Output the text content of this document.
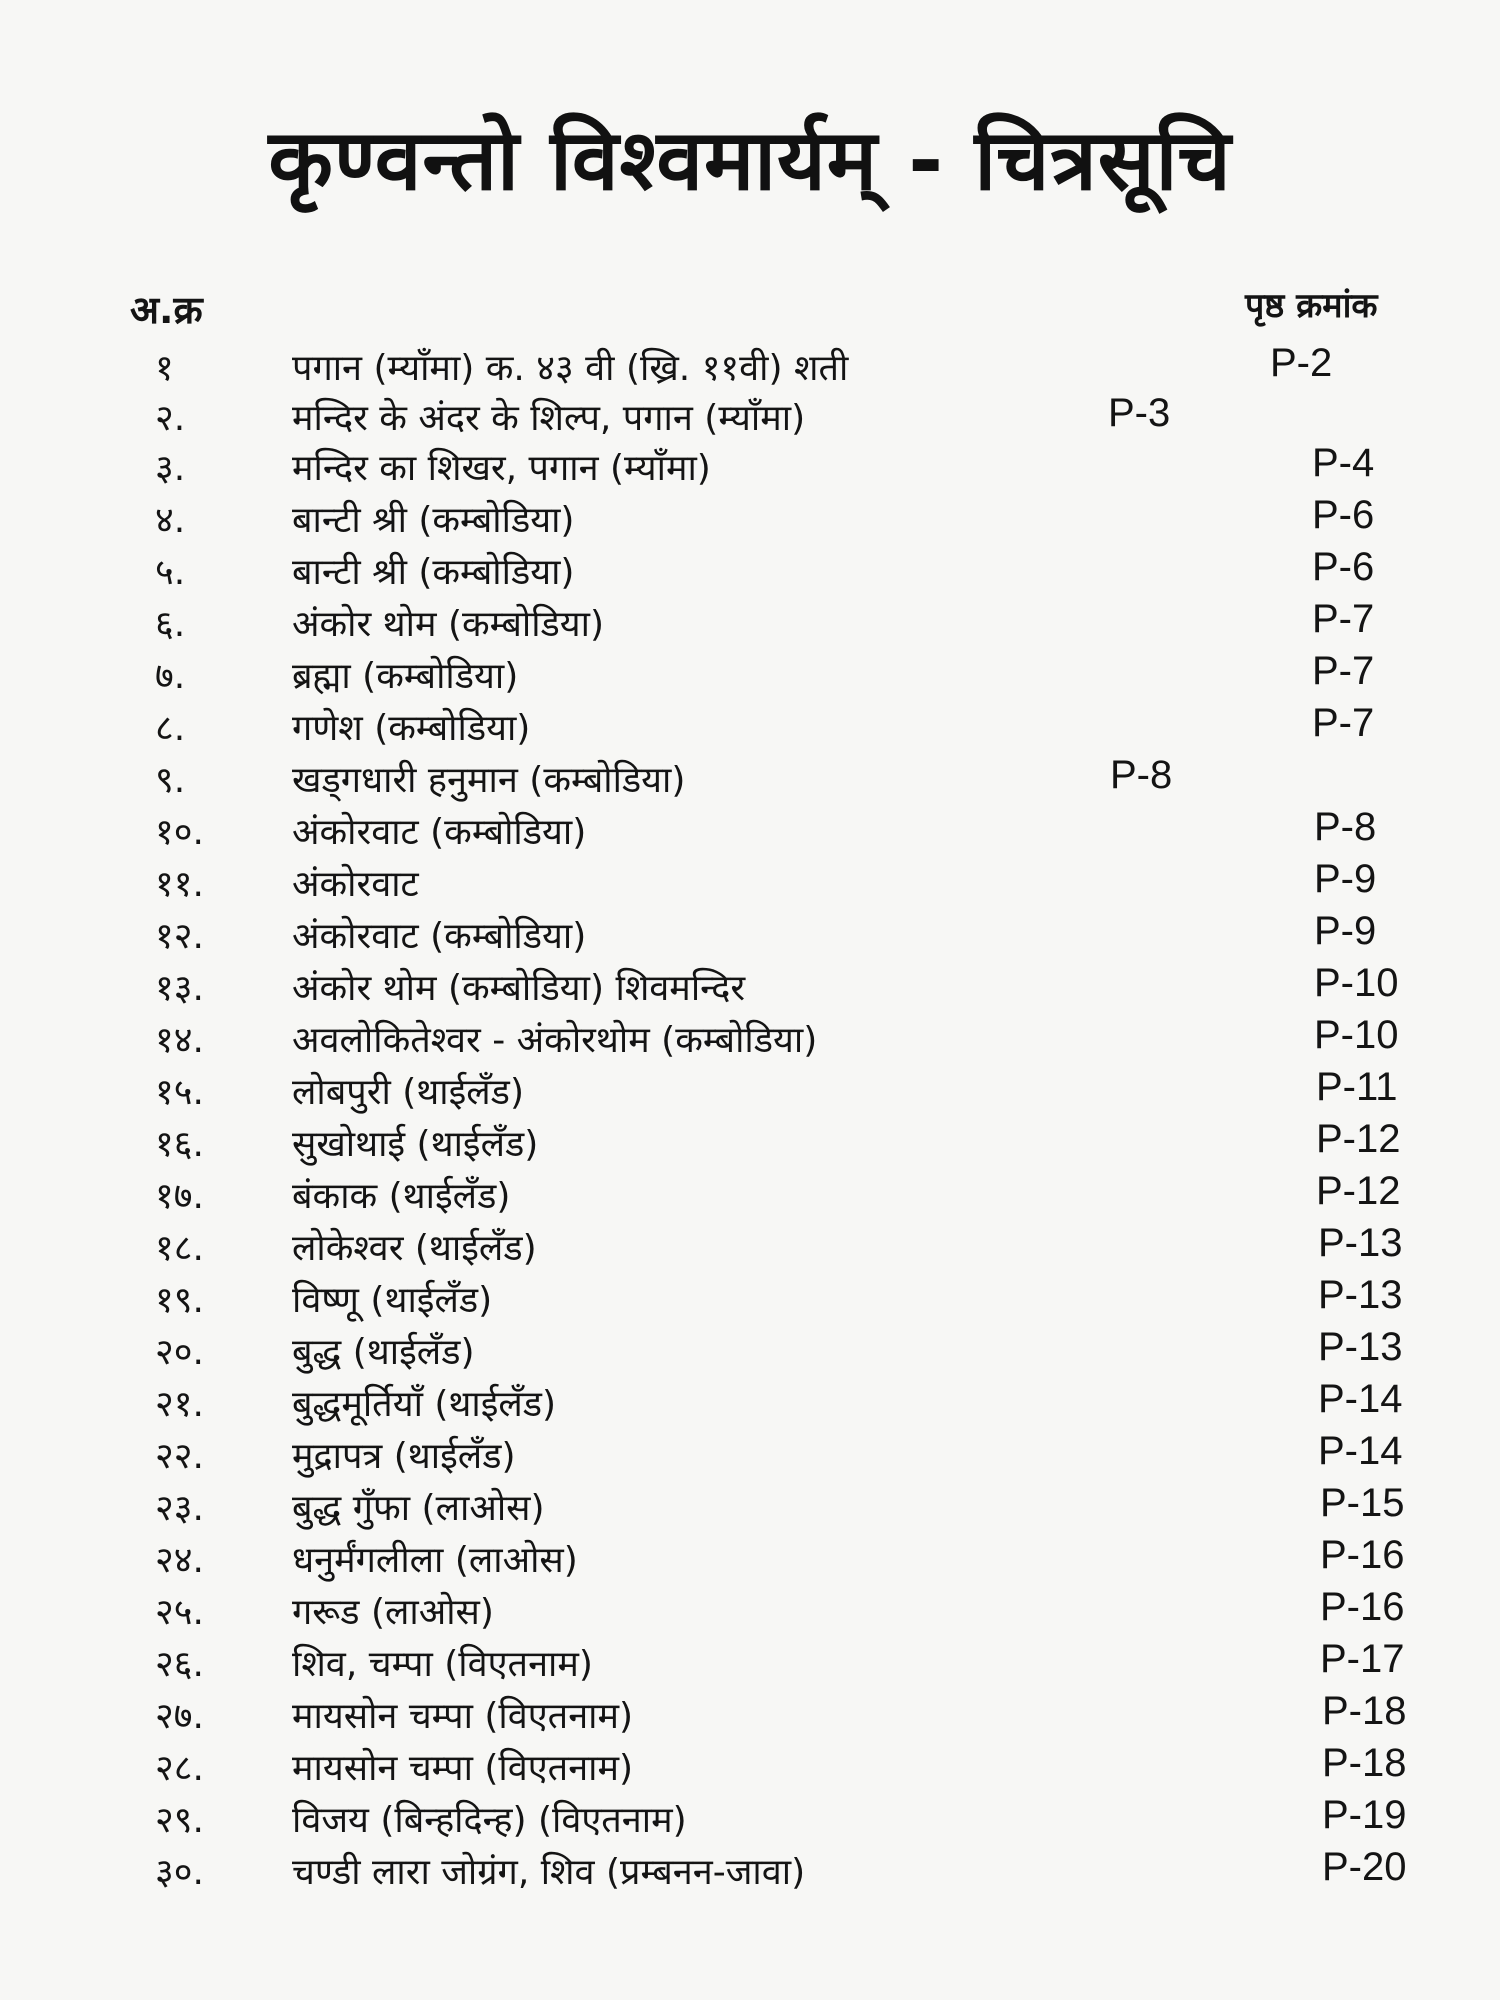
कृण्वन्तो विश्वमार्यम् - चित्रसूचि
अ.क्र	पृष्ठ क्रमांक
१	पगान (म्याँमा) क. ४३ वी (ख्रि. ११वी) शती	P-2
२.	मन्दिर के अंदर के शिल्प, पगान (म्याँमा)	P-3
३.	मन्दिर का शिखर, पगान (म्याँमा)	P-4
४.	बान्टी श्री (कम्बोडिया)	P-6
५.	बान्टी श्री (कम्बोडिया)	P-6
६.	अंकोर थोम (कम्बोडिया)	P-7
७.	ब्रह्मा (कम्बोडिया)	P-7
८.	गणेश (कम्बोडिया)	P-7
९.	खड्गधारी हनुमान (कम्बोडिया)	P-8
१०. अंकोरवाट (कम्बोडिया)	P-8
११. अंकोरवाट	P-9
१२. अंकोरवाट (कम्बोडिया)	P-9
१३. अंकोर थोम (कम्बोडिया) शिवमन्दिर	P-10
१४. अवलोकितेश्वर - अंकोरथोम (कम्बोडिया)	P-10
१५. लोबपुरी (थाईलँड)	P-11
१६. सुखोथाई (थाईलँड)	P-12
१७. बंकाक (थाईलँड)	P-12
१८. लोकेश्वर (थाईलँड)	P-13
१९. विष्णू (थाईलँड)	P-13
२०. बुद्ध (थाईलँड)	P-13
२१. बुद्धमूर्तियाँ (थाईलँड)	P-14
२२. मुद्रापत्र (थाईलँड)	P-14
२३. बुद्ध गुँफा (लाओस)	P-15
२४. धनुर्मंगलीला (लाओस)	P-16
२५. गरूड (लाओस)	P-16
२६. शिव, चम्पा (विएतनाम)	P-17
२७. मायसोन चम्पा (विएतनाम)	P-18
२८. मायसोन चम्पा (विएतनाम)	P-18
२९. विजय (बिन्हदिन्ह) (विएतनाम)	P-19
३०. चण्डी लारा जोग्रंग, शिव (प्रम्बनन-जावा)	P-20
